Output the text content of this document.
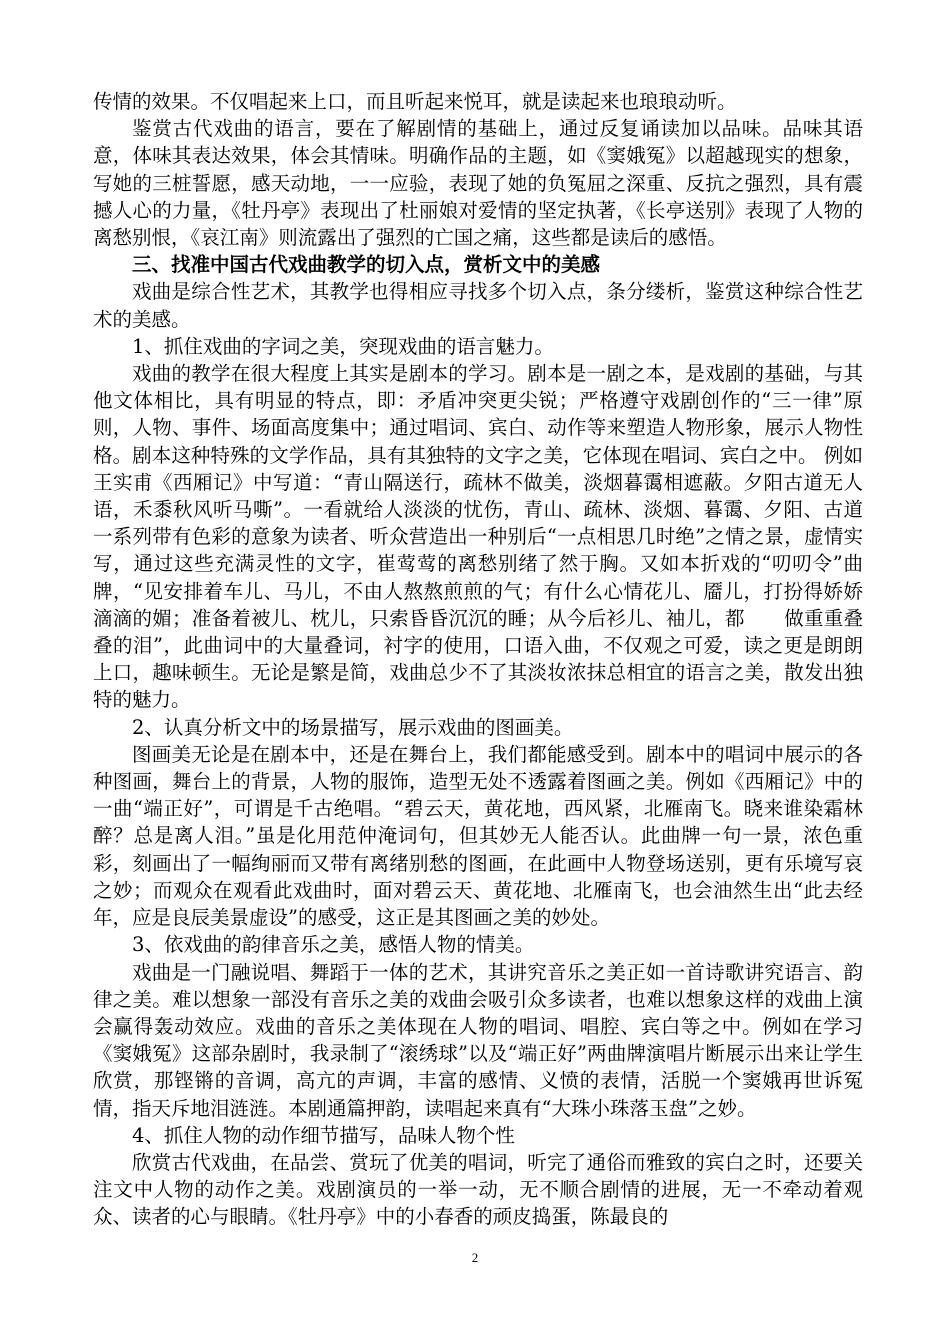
传情的效果。不仅唱起来上口，而且听起来悦耳，就是读起来也琅琅动听。

鉴赏古代戏曲的语言，要在了解剧情的基础上，通过反复诵读加以品味。品味其语意，体味其表达效果，体会其情味。明确作品的主题，如《窦娥冤》以超越现实的想象，写她的三桩誓愿，感天动地，一一应验，表现了她的负冤屈之深重、反抗之强烈，具有震撼人心的力量，《牡丹亭》表现出了杜丽娘对爱情的坚定执著，《长亭送别》表现了人物的离愁别恨，《哀江南》则流露出了强烈的亡国之痛，这些都是读后的感悟。

三、找准中国古代戏曲教学的切入点，赏析文中的美感

戏曲是综合性艺术，其教学也得相应寻找多个切入点，条分缕析，鉴赏这种综合性艺术的美感。

1、抓住戏曲的字词之美，突现戏曲的语言魅力。

戏曲的教学在很大程度上其实是剧本的学习。剧本是一剧之本，是戏剧的基础，与其他文体相比，具有明显的特点，即：矛盾冲突更尖锐；严格遵守戏剧创作的“三一律”原则，人物、事件、场面高度集中；通过唱词、宾白、动作等来塑造人物形象，展示人物性格。剧本这种特殊的文学作品，具有其独特的文字之美，它体现在唱词、宾白之中。 例如王实甫《西厢记》中写道：“青山隔送行，疏林不做美，淡烟暮霭相遮蔽。夕阳古道无人语，禾黍秋风听马嘶”。一看就给人淡淡的忧伤，青山、疏林、淡烟、暮霭、夕阳、古道一系列带有色彩的意象为读者、听众营造出一种别后“一点相思几时绝”之情之景，虚情实写，通过这些充满灵性的文字，崔莺莺的离愁别绪了然于胸。又如本折戏的“叨叨令”曲牌，“见安排着车儿、马儿，不由人熬熬煎煎的气；有什么心情花儿、靥儿，打扮得娇娇滴滴的媚；准备着被儿、枕儿，只索昏昏沉沉的睡；从今后衫儿、袖儿，都　　做重重叠叠的泪”，此曲词中的大量叠词，衬字的使用，口语入曲，不仅观之可爱，读之更是朗朗上口，趣味顿生。无论是繁是简，戏曲总少不了其淡妆浓抹总相宜的语言之美，散发出独特的魅力。

2、认真分析文中的场景描写，展示戏曲的图画美。

图画美无论是在剧本中，还是在舞台上，我们都能感受到。剧本中的唱词中展示的各种图画，舞台上的背景，人物的服饰，造型无处不透露着图画之美。例如《西厢记》中的一曲“端正好”，可谓是千古绝唱。“碧云天，黄花地，西风紧，北雁南飞。晓来谁染霜林醉？总是离人泪。”虽是化用范仲淹词句，但其妙无人能否认。此曲牌一句一景，浓色重彩，刻画出了一幅绚丽而又带有离绪别愁的图画，在此画中人物登场送别，更有乐境写哀之妙；而观众在观看此戏曲时，面对碧云天、黄花地、北雁南飞，也会油然生出“此去经年，应是良辰美景虚设”的感受，这正是其图画之美的妙处。

3、依戏曲的韵律音乐之美，感悟人物的情美。

戏曲是一门融说唱、舞蹈于一体的艺术，其讲究音乐之美正如一首诗歌讲究语言、韵律之美。难以想象一部没有音乐之美的戏曲会吸引众多读者，也难以想象这样的戏曲上演会赢得轰动效应。戏曲的音乐之美体现在人物的唱词、唱腔、宾白等之中。例如在学习《窦娥冤》这部杂剧时，我录制了“滚绣球”以及“端正好”两曲牌演唱片断展示出来让学生欣赏，那铿锵的音调，高亢的声调，丰富的感情、义愤的表情，活脱一个窦娥再世诉冤情，指天斥地泪涟涟。本剧通篇押韵，读唱起来真有“大珠小珠落玉盘”之妙。

4、抓住人物的动作细节描写，品味人物个性

欣赏古代戏曲，在品尝、赏玩了优美的唱词，听完了通俗而雅致的宾白之时，还要关注文中人物的动作之美。戏剧演员的一举一动，无不顺合剧情的进展，无一不牵动着观众、读者的心与眼睛。《牡丹亭》中的小春香的顽皮捣蛋，陈最良的

2
